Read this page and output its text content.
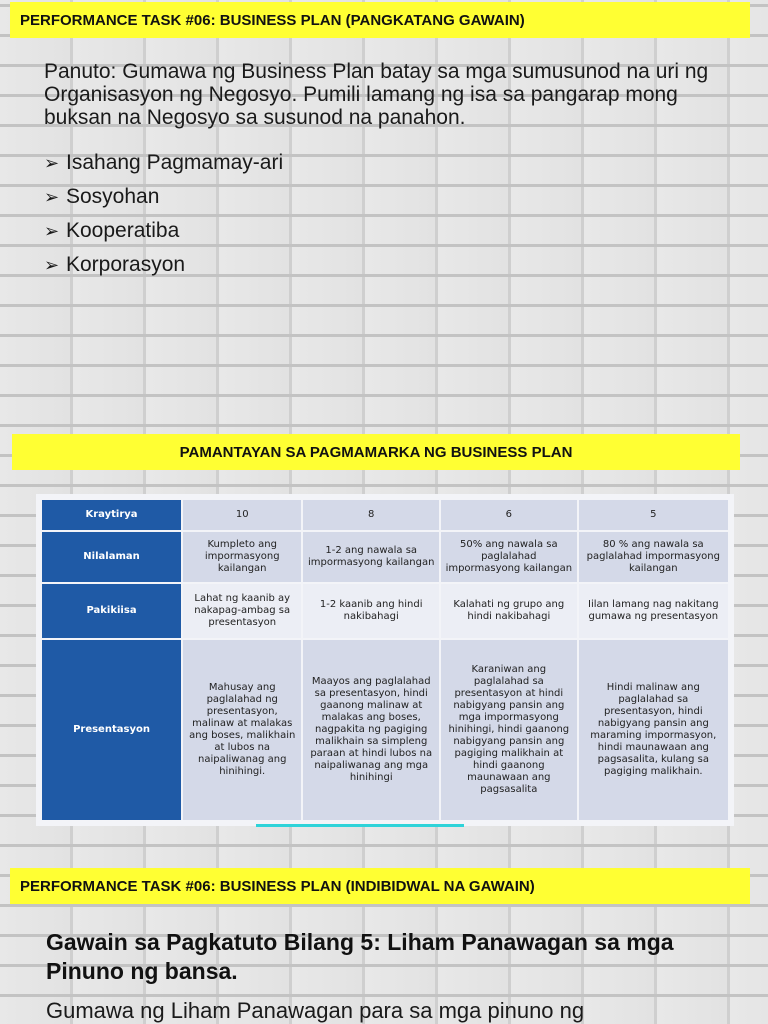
PERFORMANCE TASK #06: BUSINESS PLAN (PANGKATANG GAWAIN)
Panuto: Gumawa ng Business Plan batay sa mga sumusunod na uri ng Organisasyon ng Negosyo. Pumili lamang ng isa sa pangarap mong buksan na Negosyo sa susunod na panahon.
➢ Isahang Pagmamay-ari
➢ Sosyohan
➢ Kooperatiba
➢ Korporasyon
PAMANTAYAN SA PAGMAMARKA NG BUSINESS PLAN
Kraytirya	10	8	6	5
Nilalaman	Kumpleto ang impormasyong kailangan	1-2 ang nawala sa impormasyong kailangan	50% ang nawala sa paglalahad impormasyong kailangan	80 % ang nawala sa paglalahad impormasyong kailangan
Pakikiisa	Lahat ng kaanib ay nakapag-ambag sa presentasyon	1-2 kaanib ang hindi nakibahagi	Kalahati ng grupo ang hindi nakibahagi	Iilan lamang nag nakitang gumawa ng presentasyon
Presentasyon	Mahusay ang paglalahad ng presentasyon, malinaw at malakas ang boses, malikhain at lubos na naipaliwanag ang hinihingi.	Maayos ang paglalahad sa presentasyon, hindi gaanong malinaw at malakas ang boses, nagpakita ng pagiging malikhain sa simpleng paraan at hindi lubos na naipaliwanag ang mga hinihingi	Karaniwan ang paglalahad sa presentasyon at hindi nabigyang pansin ang mga impormasyong hinihingi, hindi gaanong nabigyang pansin ang pagiging malikhain at hindi gaanong maunawaan ang pagsasalita	Hindi malinaw ang paglalahad sa presentasyon, hindi nabigyang pansin ang maraming impormasyon, hindi maunawaan ang pagsasalita, kulang sa pagiging malikhain.
PERFORMANCE TASK #06: BUSINESS PLAN (INDIBIDWAL NA GAWAIN)
Gawain sa Pagkatuto Bilang 5: Liham Panawagan sa mga Pinuno ng bansa.
Gumawa ng Liham Panawagan para sa mga pinuno ng
